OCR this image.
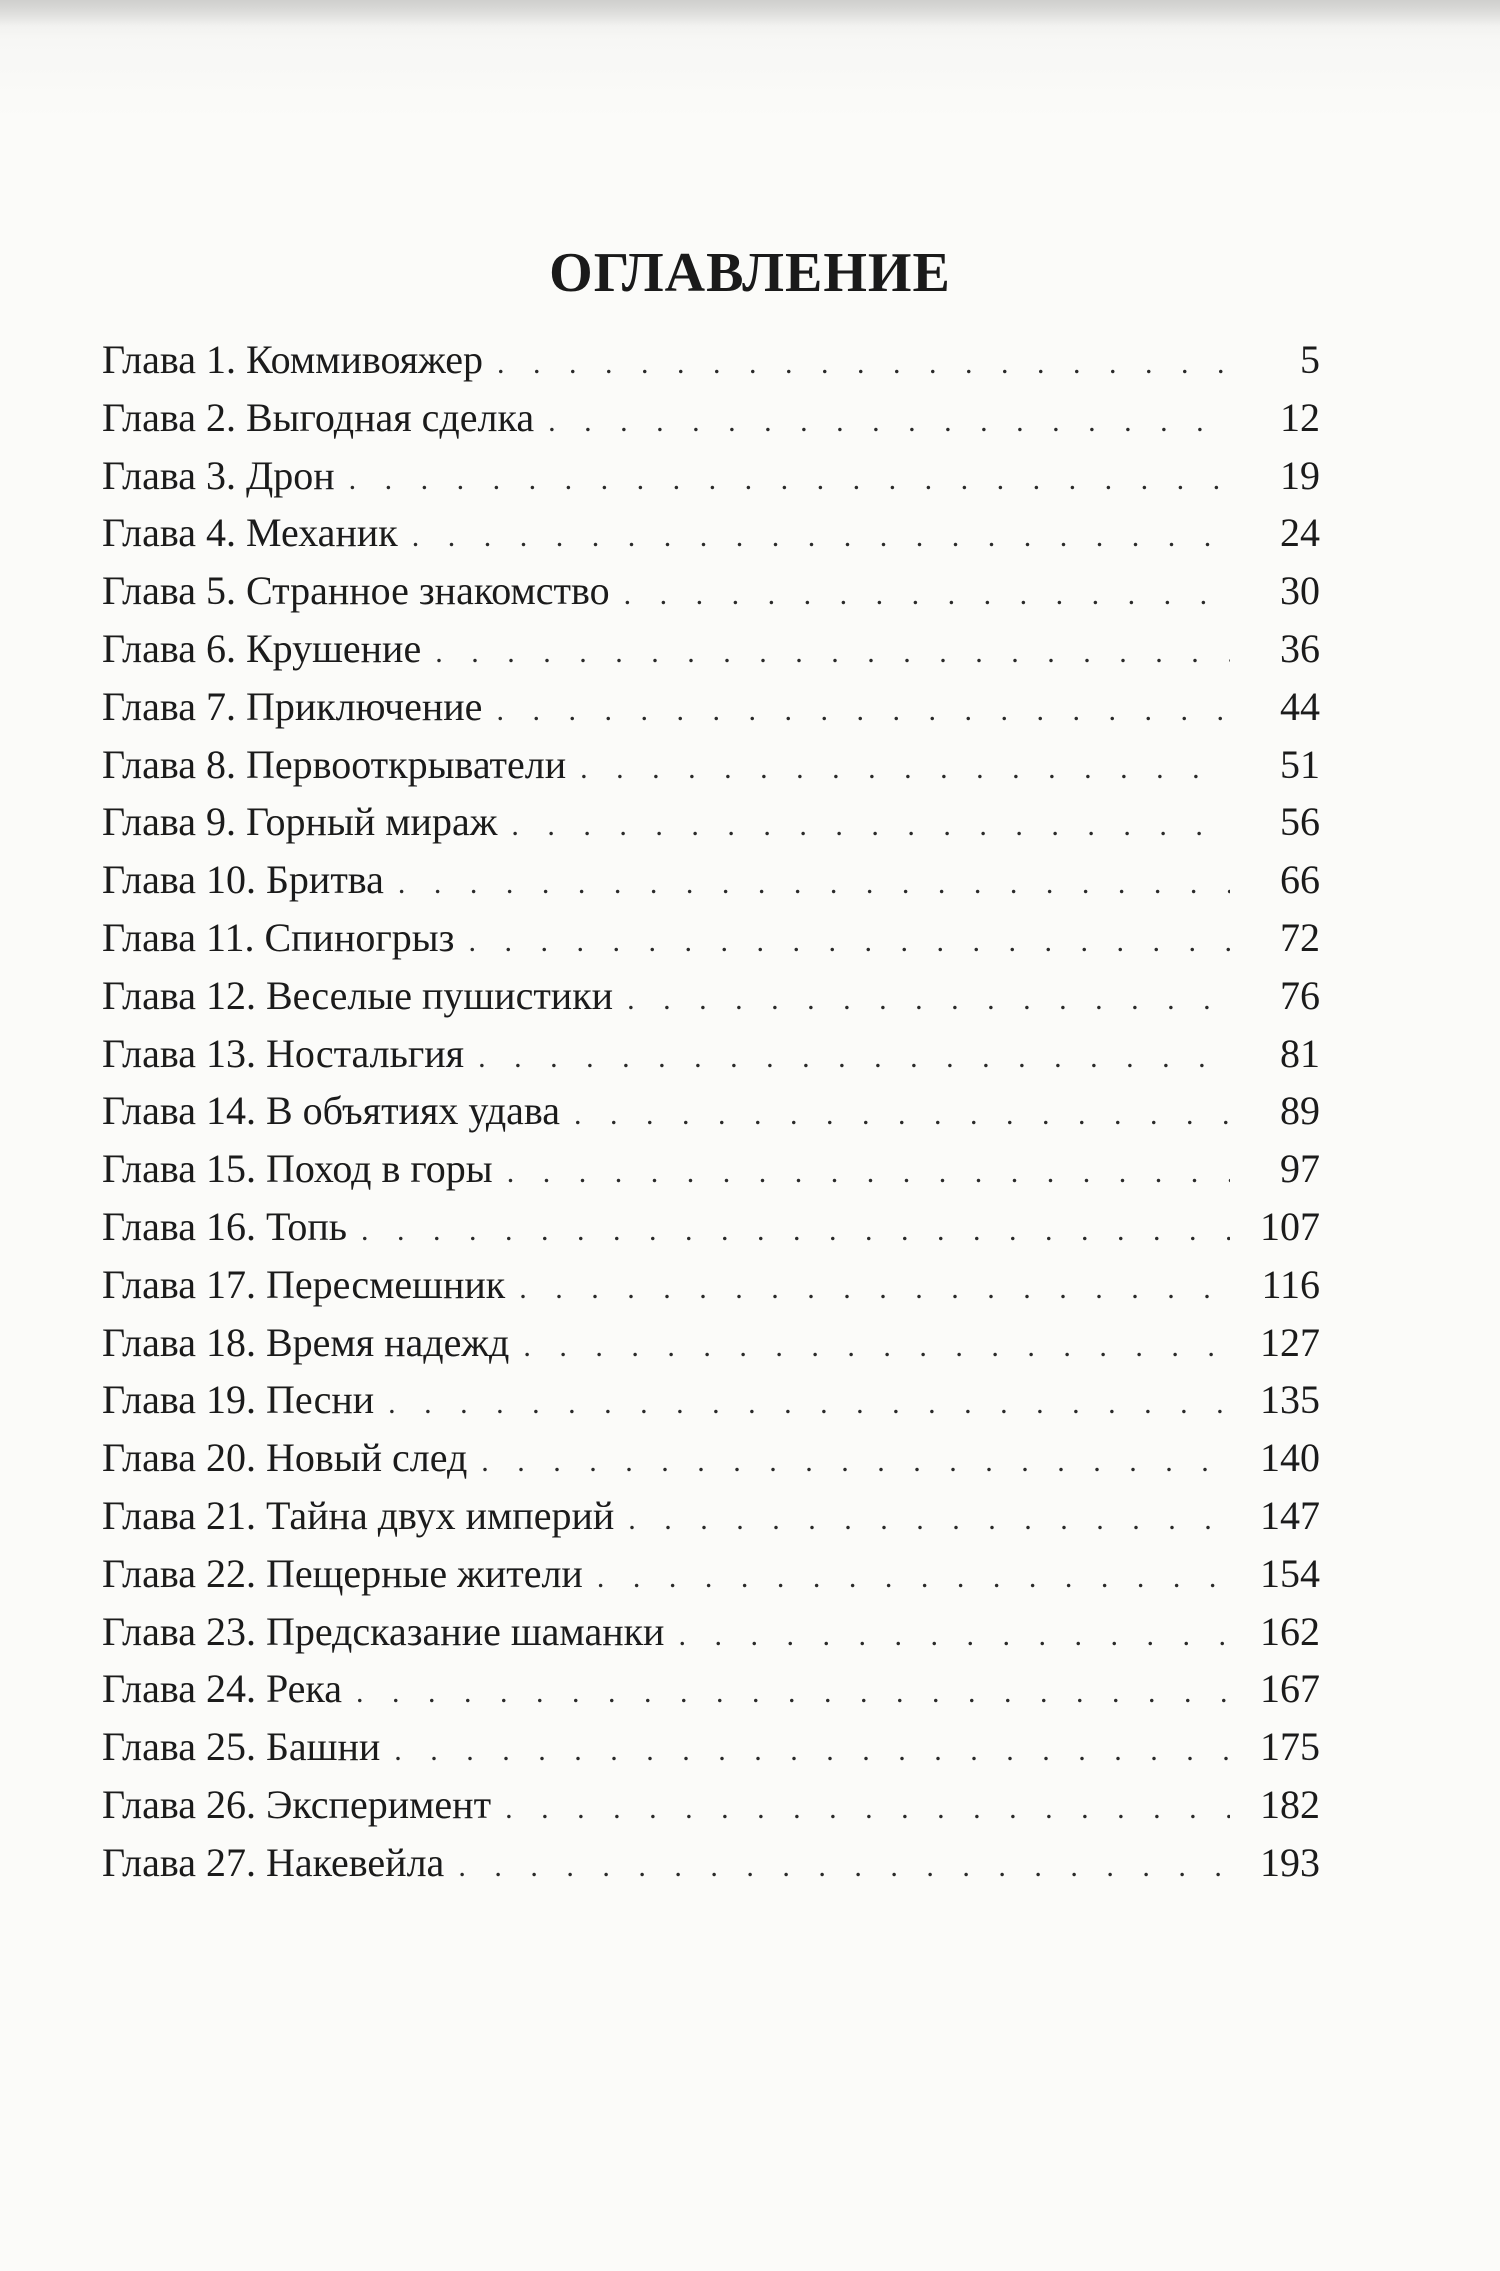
ОГЛАВЛЕНИЕ
Глава 1. Коммивояжер . . .	5
Глава 2. Выгодная сделка . . .	12
Глава 3. Дрон . . .	19
Глава 4. Механик . . .	24
Глава 5. Странное знакомство . . .	30
Глава 6. Крушение . . .	36
Глава 7. Приключение . . .	44
Глава 8. Первооткрыватели . . .	51
Глава 9. Горный мираж . . .	56
Глава 10. Бритва . . .	66
Глава 11. Спиногрыз . . .	72
Глава 12. Веселые пушистики . . .	76
Глава 13. Ностальгия . . .	81
Глава 14. В объятиях удава . . .	89
Глава 15. Поход в горы . . .	97
Глава 16. Топь . . .	107
Глава 17. Пересмешник . . .	116
Глава 18. Время надежд . . .	127
Глава 19. Песни . . .	135
Глава 20. Новый след . . .	140
Глава 21. Тайна двух империй . . .	147
Глава 22. Пещерные жители . . .	154
Глава 23. Предсказание шаманки . . .	162
Глава 24. Река . . .	167
Глава 25. Башни . . .	175
Глава 26. Эксперимент . . .	182
Глава 27. Накевейла . . .	193
